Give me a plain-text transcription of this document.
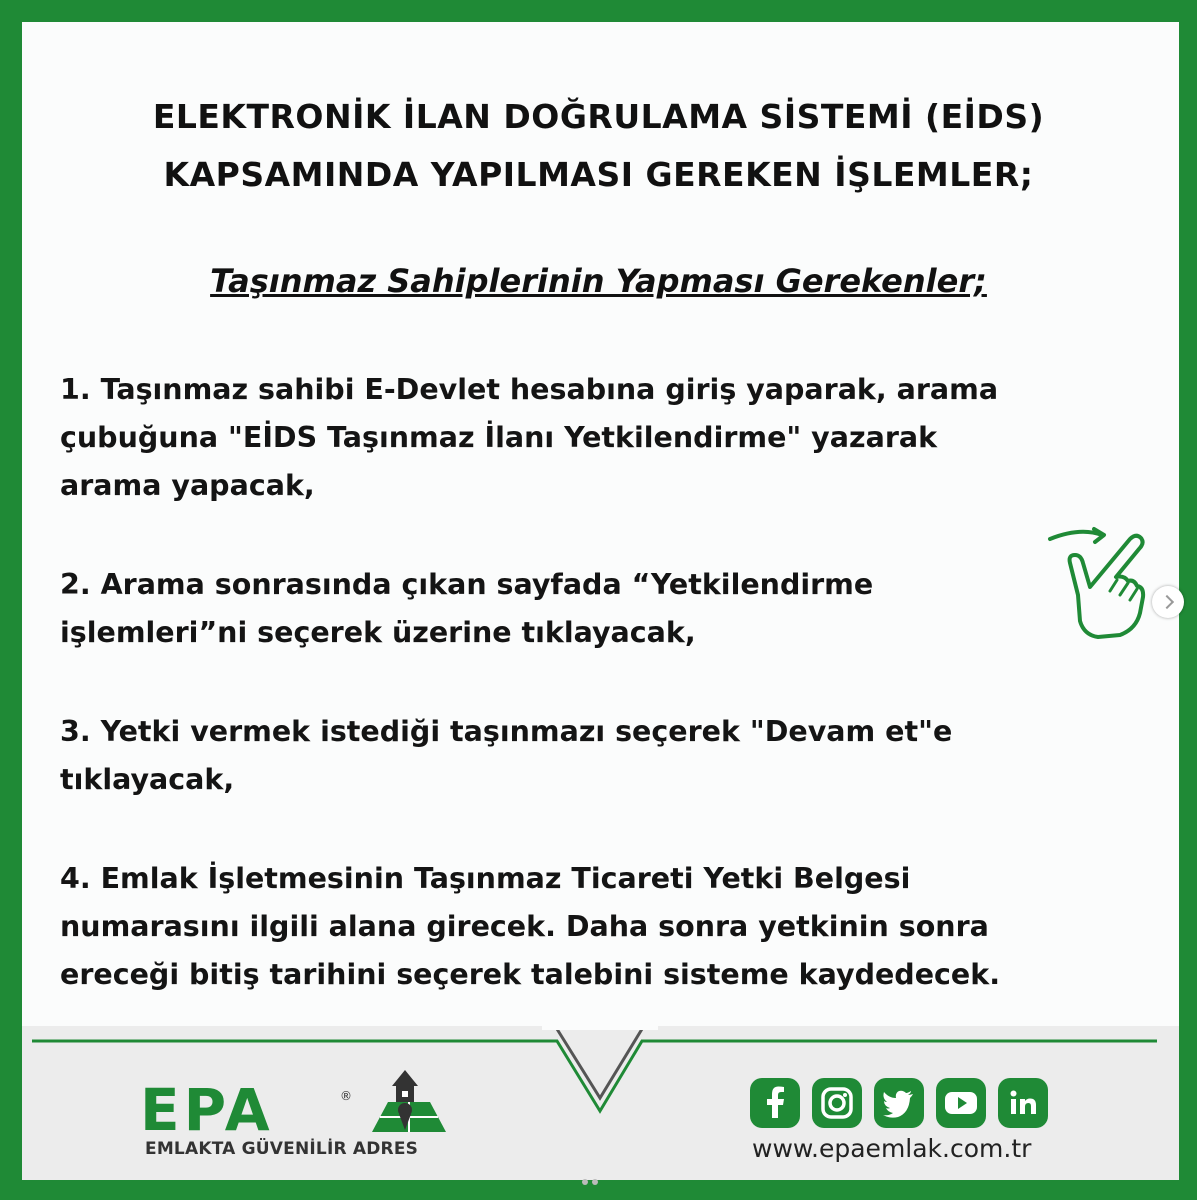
ELEKTRONİK İLAN DOĞRULAMA SİSTEMİ (EİDS)
KAPSAMINDA YAPILMASI GEREKEN İŞLEMLER;
Taşınmaz Sahiplerinin Yapması Gerekenler;
1. Taşınmaz sahibi E-Devlet hesabına giriş yaparak, arama
çubuğuna "EİDS Taşınmaz İlanı Yetkilendirme" yazarak
arama yapacak,
2. Arama sonrasında çıkan sayfada “Yetkilendirme
işlemleri”ni seçerek üzerine tıklayacak,
3. Yetki vermek istediği taşınmazı seçerek "Devam et"e
tıklayacak,
4. Emlak İşletmesinin Taşınmaz Ticareti Yetki Belgesi
numarasını ilgili alana girecek. Daha sonra yetkinin sonra
ereceği bitiş tarihini seçerek talebini sisteme kaydedecek.
EPA	®
EMLAKTA GÜVENİLİR ADRES	www.epaemlak.com.tr
